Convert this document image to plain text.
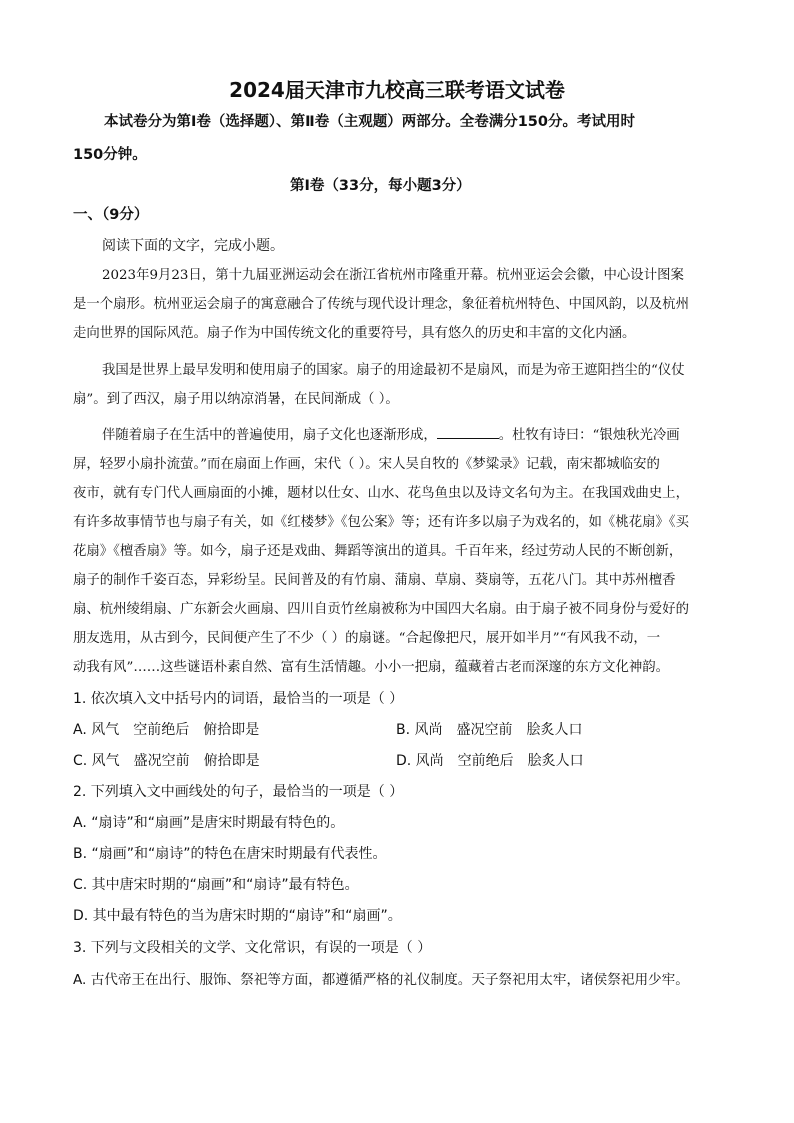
2024届天津市九校高三联考语文试卷
本试卷分为第Ⅰ卷（选择题）、第Ⅱ卷（主观题）两部分。全卷满分150分。考试用时
150分钟。
第Ⅰ卷（33分，每小题3分）
一、（9分）
阅读下面的文字，完成小题。
2023年9月23日，第十九届亚洲运动会在浙江省杭州市隆重开幕。杭州亚运会会徽，中心设计图案
是一个扇形。杭州亚运会扇子的寓意融合了传统与现代设计理念，象征着杭州特色、中国风韵，以及杭州
走向世界的国际风范。扇子作为中国传统文化的重要符号，具有悠久的历史和丰富的文化内涵。
我国是世界上最早发明和使用扇子的国家。扇子的用途最初不是扇风，而是为帝王遮阳挡尘的“仪仗
扇”。到了西汉，扇子用以纳凉消暑，在民间渐成（ ）。
伴随着扇子在生活中的普遍使用，扇子文化也逐渐形成，	。杜牧有诗曰：“银烛秋光冷画
屏，轻罗小扇扑流萤。”而在扇面上作画，宋代（ ）。宋人吴自牧的《梦粱录》记载，南宋都城临安的
夜市，就有专门代人画扇面的小摊，题材以仕女、山水、花鸟鱼虫以及诗文名句为主。在我国戏曲史上，
有许多故事情节也与扇子有关，如《红楼梦》《包公案》等；还有许多以扇子为戏名的，如《桃花扇》《买
花扇》《檀香扇》等。如今，扇子还是戏曲、舞蹈等演出的道具。千百年来，经过劳动人民的不断创新，
扇子的制作千姿百态，异彩纷呈。民间普及的有竹扇、蒲扇、草扇、葵扇等，五花八门。其中苏州檀香
扇、杭州绫绢扇、广东新会火画扇、四川自贡竹丝扇被称为中国四大名扇。由于扇子被不同身份与爱好的
朋友选用，从古到今，民间便产生了不少（ ）的扇谜。“合起像把尺，展开如半月”“有风我不动，一
动我有风”……这些谜语朴素自然、富有生活情趣。小小一把扇，蕴藏着古老而深邃的东方文化神韵。
1. 依次填入文中括号内的词语，最恰当的一项是（ ）
A. 风气　空前绝后　俯拾即是	B. 风尚　盛况空前　脍炙人口
C. 风气　盛况空前　俯拾即是	D. 风尚　空前绝后　脍炙人口
2. 下列填入文中画线处的句子，最恰当的一项是（ ）
A. “扇诗”和“扇画”是唐宋时期最有特色的。
B. “扇画”和“扇诗”的特色在唐宋时期最有代表性。
C. 其中唐宋时期的“扇画”和“扇诗”最有特色。
D. 其中最有特色的当为唐宋时期的“扇诗”和“扇画”。
3. 下列与文段相关的文学、文化常识，有误的一项是（ ）
A. 古代帝王在出行、服饰、祭祀等方面，都遵循严格的礼仪制度。天子祭祀用太牢，诸侯祭祀用少牢。
